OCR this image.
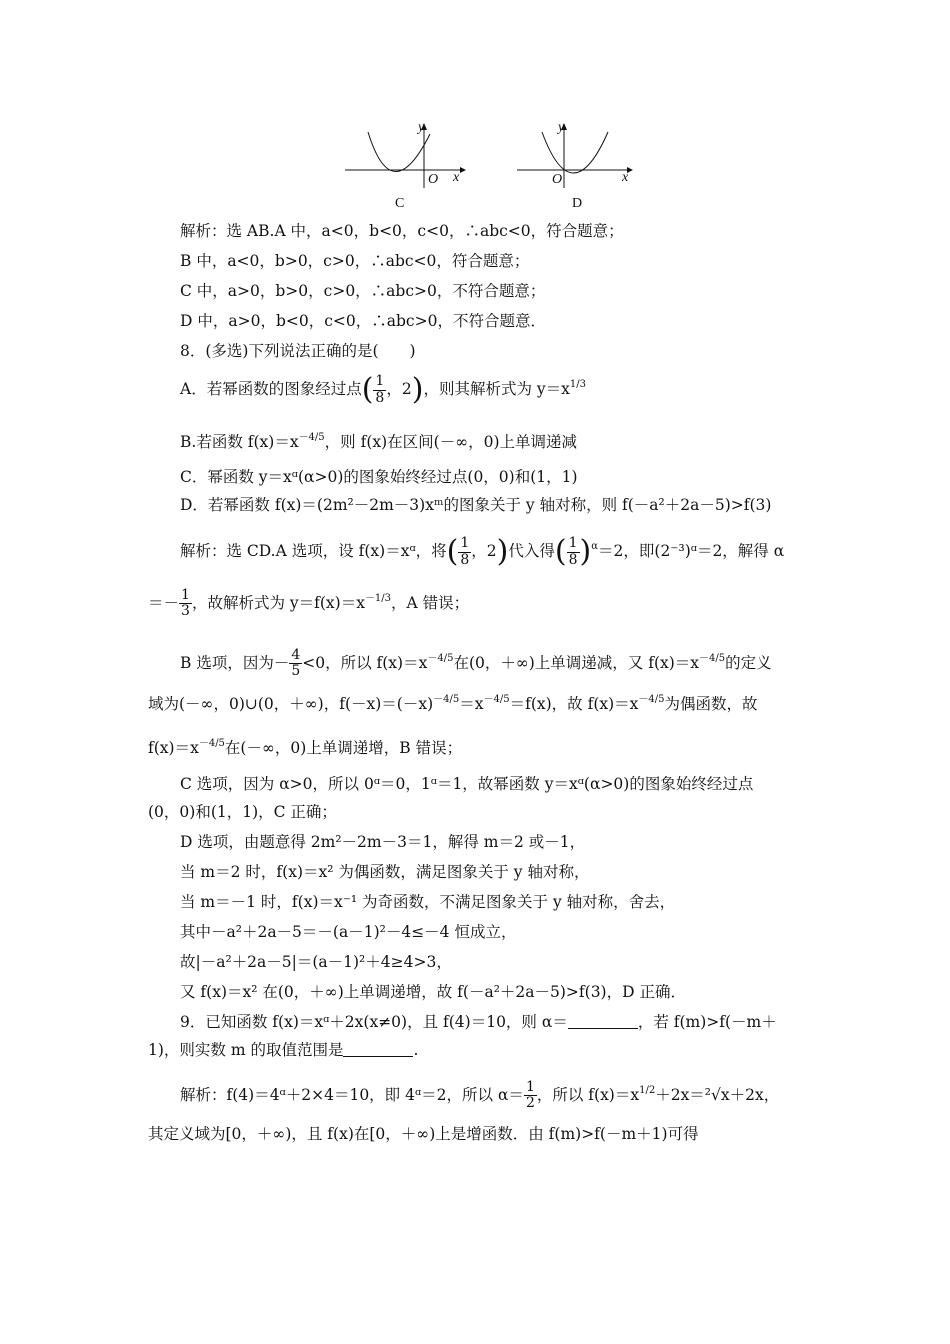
y
x
O
C
y
x
O
D
解析：选 AB.A 中，a<0，b<0，c<0，∴abc<0，符合题意；
B 中，a<0，b>0，c>0，∴abc<0，符合题意；
C 中，a>0，b>0，c>0，∴abc>0，不符合题意；
D 中，a>0，b<0，c<0，∴abc>0，不符合题意．
8．(多选)下列说法正确的是(　　)
A．若幂函数的图象经过点( $\frac{1}{8}$ ，2)，则其解析式为 $y=x^{1/3}$
B.若函数 $f(x)=x^{-4/5}$，则 f(x)在区间(－∞，0)上单调递减
C．幂函数 y＝xᵅ(α>0)的图象始终经过点(0，0)和(1，1)
D．若幂函数 f(x)＝(2m²－2m－3)xᵐ的图象关于 y 轴对称，则 f(－a²＋2a－5)>f(3)
解析：选 CD.A 选项，设 f(x)＝xᵅ，将( $\frac{1}{8}$ ，2)代入得( $\frac{1}{8} )^\alpha=2$，即(2⁻³)ᵅ＝2，解得 α
＝－ $\frac{1}{3}$ ，故解析式为 $y=f(x)=x^{-1/3}$，A 错误；
B 选项，因为－ $\frac{4}{5} <0$，所以 $f(x)=x^{-4/5}$在(0，＋∞)上单调递减，又 $f(x)=x^{-4/5}$的定义
域为(－∞，0)∪(0，＋∞)，$f(-x)=(-x)^{-4/5}=x^{-4/5}=f(x)$，故 $f(x)=x^{-4/5}$为偶函数，故
$f(x)=x^{-4/5}$在(－∞，0)上单调递增，B 错误；
C 选项，因为 α>0，所以 0ᵅ＝0，1ᵅ＝1，故幂函数 y＝xᵅ(α>0)的图象始终经过点
(0，0)和(1，1)，C 正确；
D 选项，由题意得 2m²－2m－3＝1，解得 m＝2 或－1，
当 m＝2 时，f(x)＝x² 为偶函数，满足图象关于 y 轴对称，
当 m＝－1 时，f(x)＝x⁻¹ 为奇函数，不满足图象关于 y 轴对称，舍去，
其中－a²＋2a－5＝－(a－1)²－4≤－4 恒成立，
故|－a²＋2a－5|＝(a－1)²＋4≥4>3，
又 f(x)＝x² 在(0，＋∞)上单调递增，故 f(－a²＋2a－5)>f(3)，D 正确．
9．已知函数 f(x)＝xᵅ＋2x(x≠0)，且 f(4)＝10，则 α＝	，若 f(m)>f(－m＋
1)，则实数 m 的取值范围是	.
解析：f(4)＝4ᵅ＋2×4＝10，即 4ᵅ＝2，所以 $\alpha= \frac{1}{2}$ ，所以 $f(x)=x^{1/2}+2x=^2√x+2x$，
其定义域为[0，＋∞)，且 f(x)在[0，＋∞)上是增函数．由 f(m)>f(－m＋1)可得
